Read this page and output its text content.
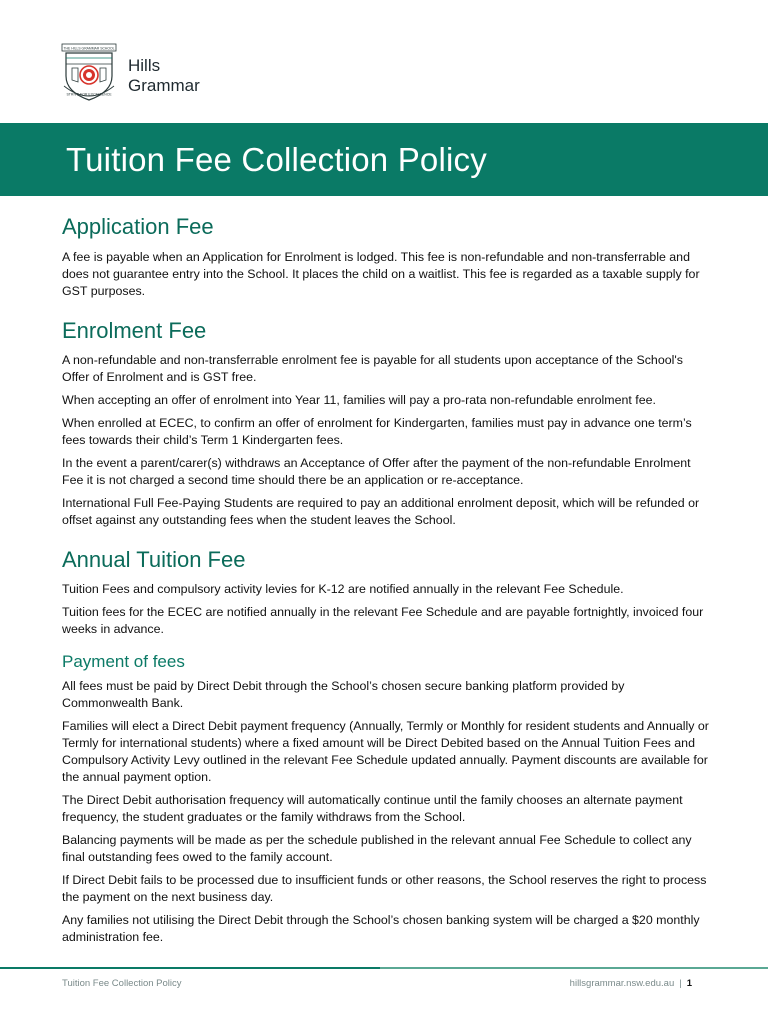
THE HILLS GRAMMAR SCHOOL
STRIVE FOR EXCELLENCE
Hills
Grammar
Tuition Fee Collection Policy
Application Fee

A fee is payable when an Application for Enrolment is lodged. This fee is non-refundable and non-transferrable and does not guarantee entry into the School. It places the child on a waitlist. This fee is regarded as a taxable supply for GST purposes.

Enrolment Fee

A non-refundable and non-transferrable enrolment fee is payable for all students upon acceptance of the School's Offer of Enrolment and is GST free.

When accepting an offer of enrolment into Year 11, families will pay a pro-rata non-refundable enrolment fee.

When enrolled at ECEC, to confirm an offer of enrolment for Kindergarten, families must pay in advance one term’s fees towards their child’s Term 1 Kindergarten fees.

In the event a parent/carer(s) withdraws an Acceptance of Offer after the payment of the non-refundable Enrolment Fee it is not charged a second time should there be an application or re-acceptance.

International Full Fee-Paying Students are required to pay an additional enrolment deposit, which will be refunded or offset against any outstanding fees when the student leaves the School.

Annual Tuition Fee

Tuition Fees and compulsory activity levies for K-12 are notified annually in the relevant Fee Schedule.

Tuition fees for the ECEC are notified annually in the relevant Fee Schedule and are payable fortnightly, invoiced four weeks in advance.

Payment of fees

All fees must be paid by Direct Debit through the School’s chosen secure banking platform provided by Commonwealth Bank.

Families will elect a Direct Debit payment frequency (Annually, Termly or Monthly for resident students and Annually or Termly for international students) where a fixed amount will be Direct Debited based on the Annual Tuition Fees and Compulsory Activity Levy outlined in the relevant Fee Schedule updated annually. Payment discounts are available for the annual payment option.

The Direct Debit authorisation frequency will automatically continue until the family chooses an alternate payment frequency, the student graduates or the family withdraws from the School.

Balancing payments will be made as per the schedule published in the relevant annual Fee Schedule to collect any final outstanding fees owed to the family account.

If Direct Debit fails to be processed due to insufficient funds or other reasons, the School reserves the right to process the payment on the next business day.

Any families not utilising the Direct Debit through the School’s chosen banking system will be charged a $20 monthly administration fee.

Tuition Fee Collection Policy	hillsgrammar.nsw.edu.au | 1
